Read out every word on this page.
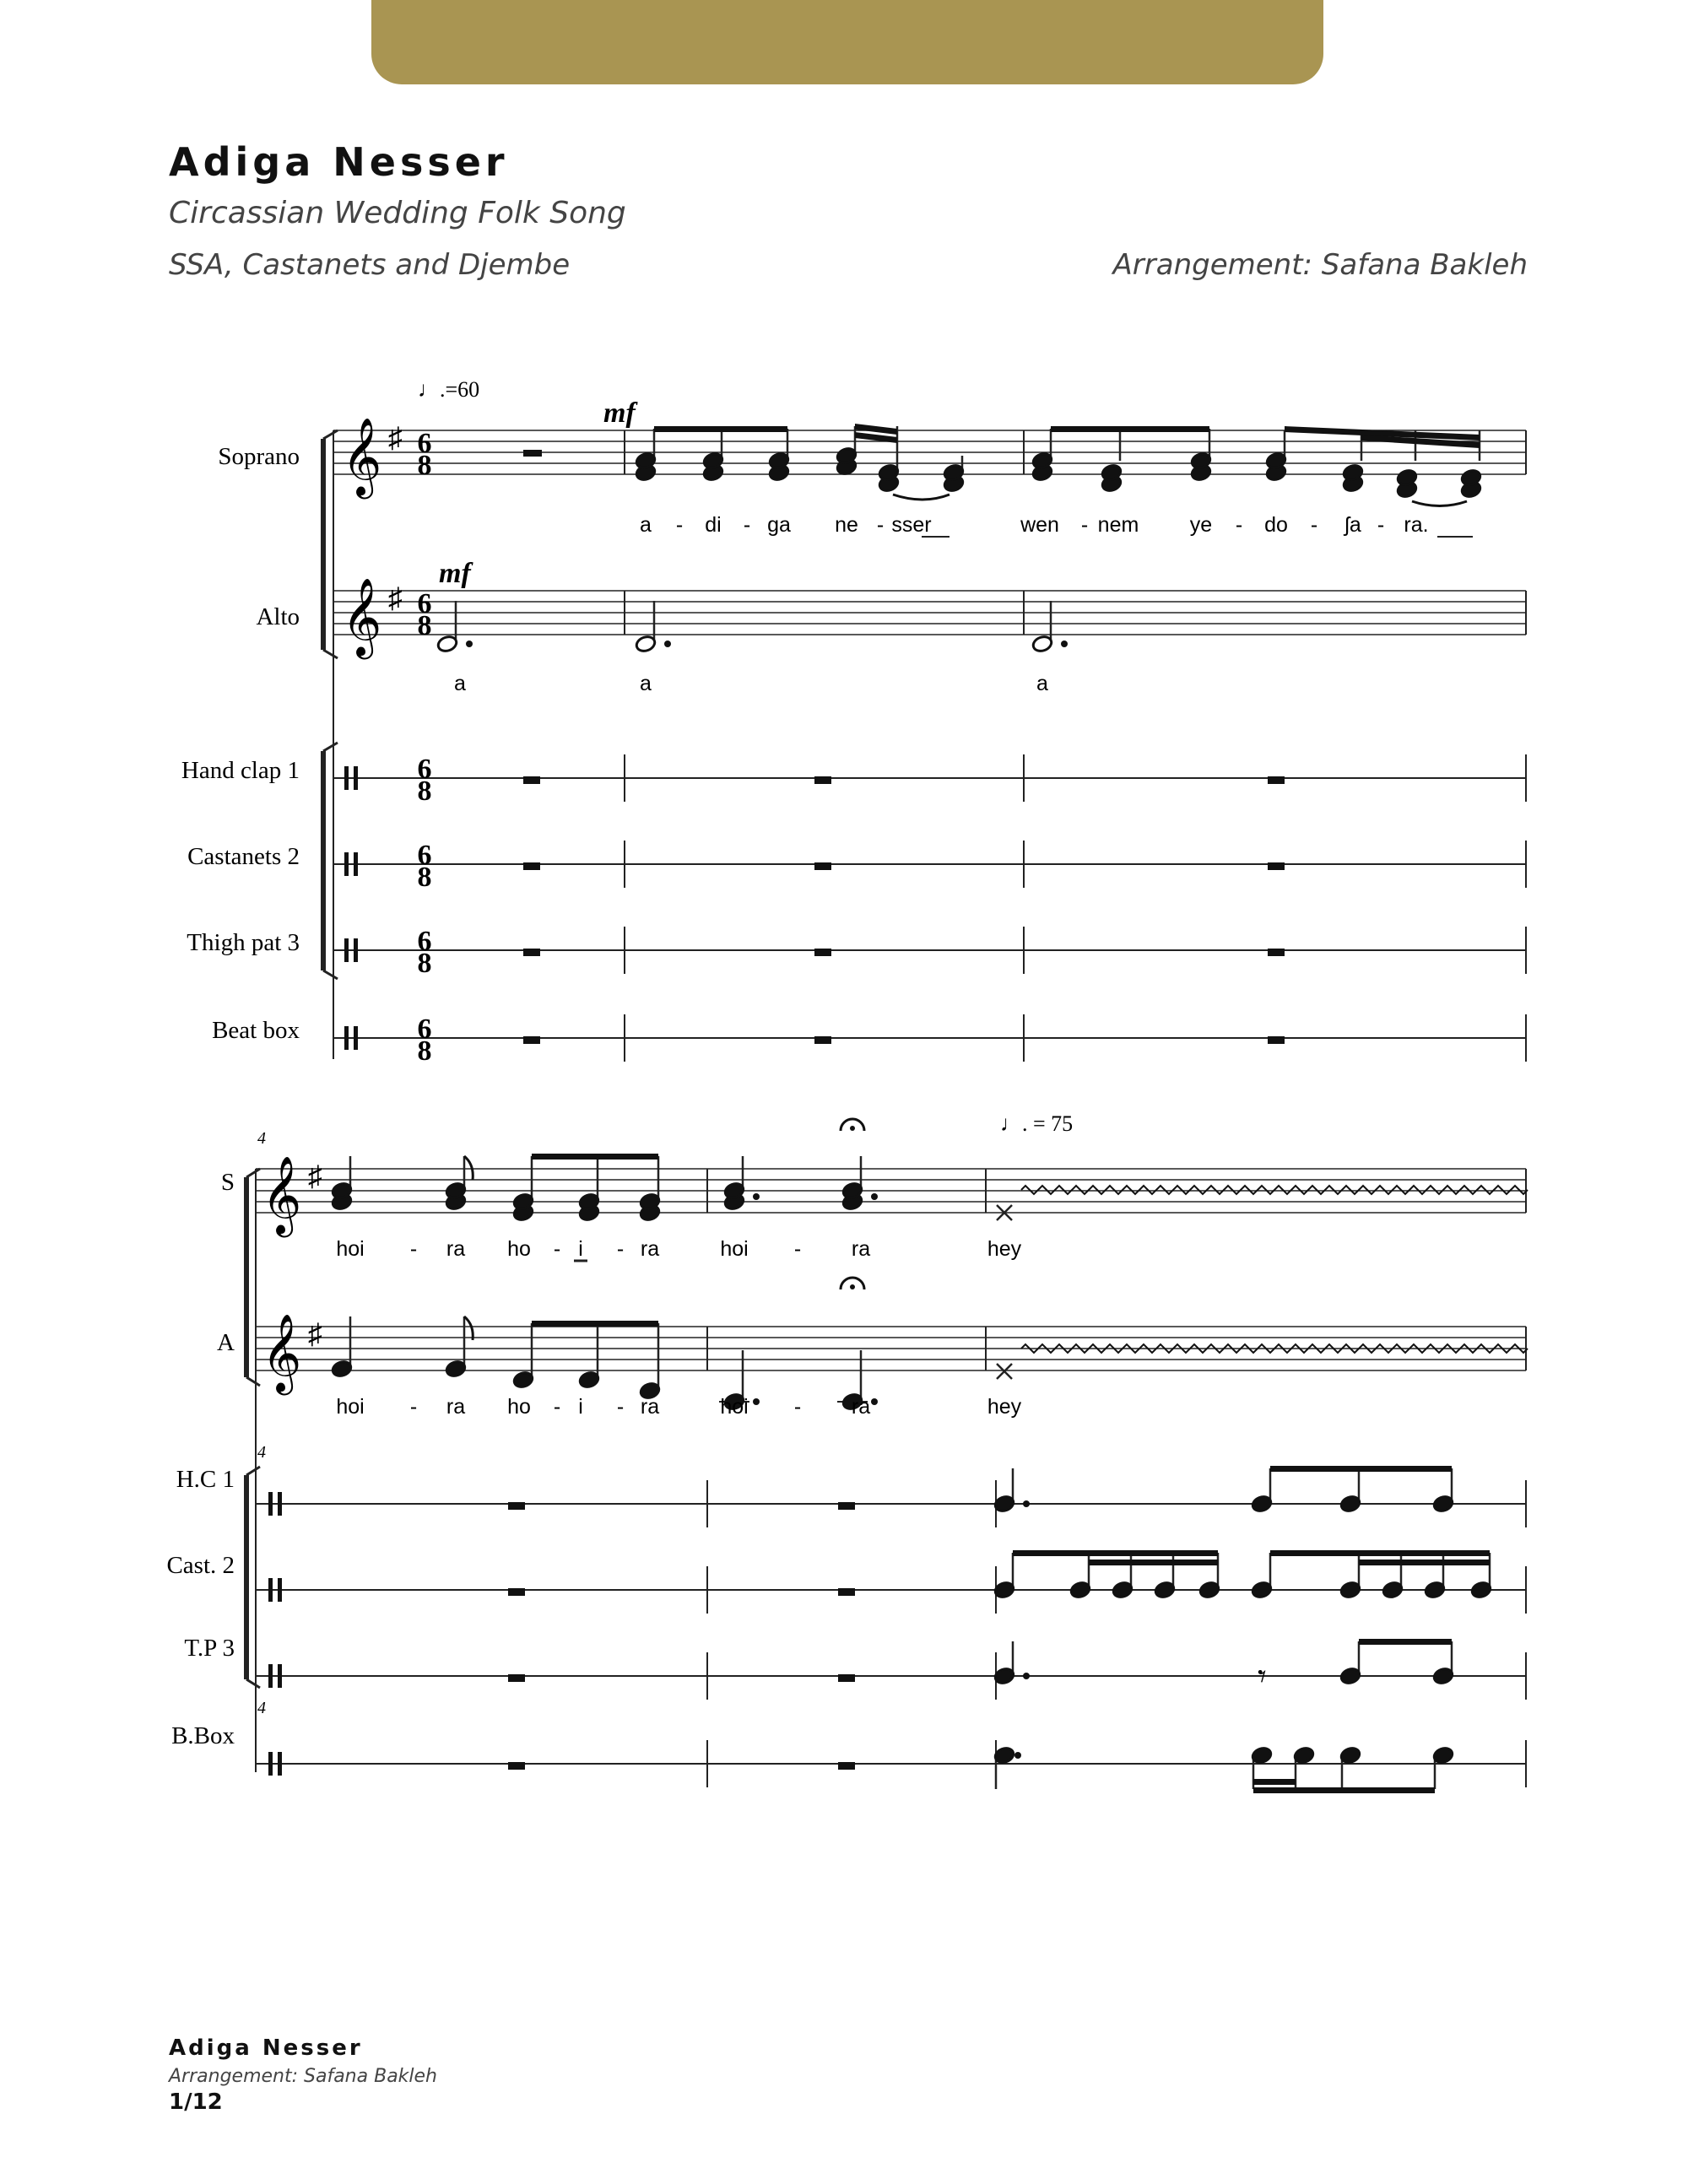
Adiga Nesser
Circassian Wedding Folk Song
SSA, Castanets and Djembe	Arrangement: Safana Bakleh
Soprano
Alto
Hand clap 1
Castanets 2
Thigh pat 3
Beat box
𝄞
𝄞
♯
♯
6
8
6
8
♩.=60
mf
mf
a - di - ga ne - sser	wen - nem ye - do - ʃa - ra.
a	a	a
6
8
6
8
6
8
6
8
S
A
H.C 1
Cast. 2
T.P 3
B.Box
4
4
4
𝄞
𝄞
♯
♯
♩. = 75
hoi - ra ho - i - ra	hoi - ra	hey
hoi - ra ho - i - ra	hoi - ra	hey
𝄾
Adiga Nesser
Arrangement: Safana Bakleh
1/12
